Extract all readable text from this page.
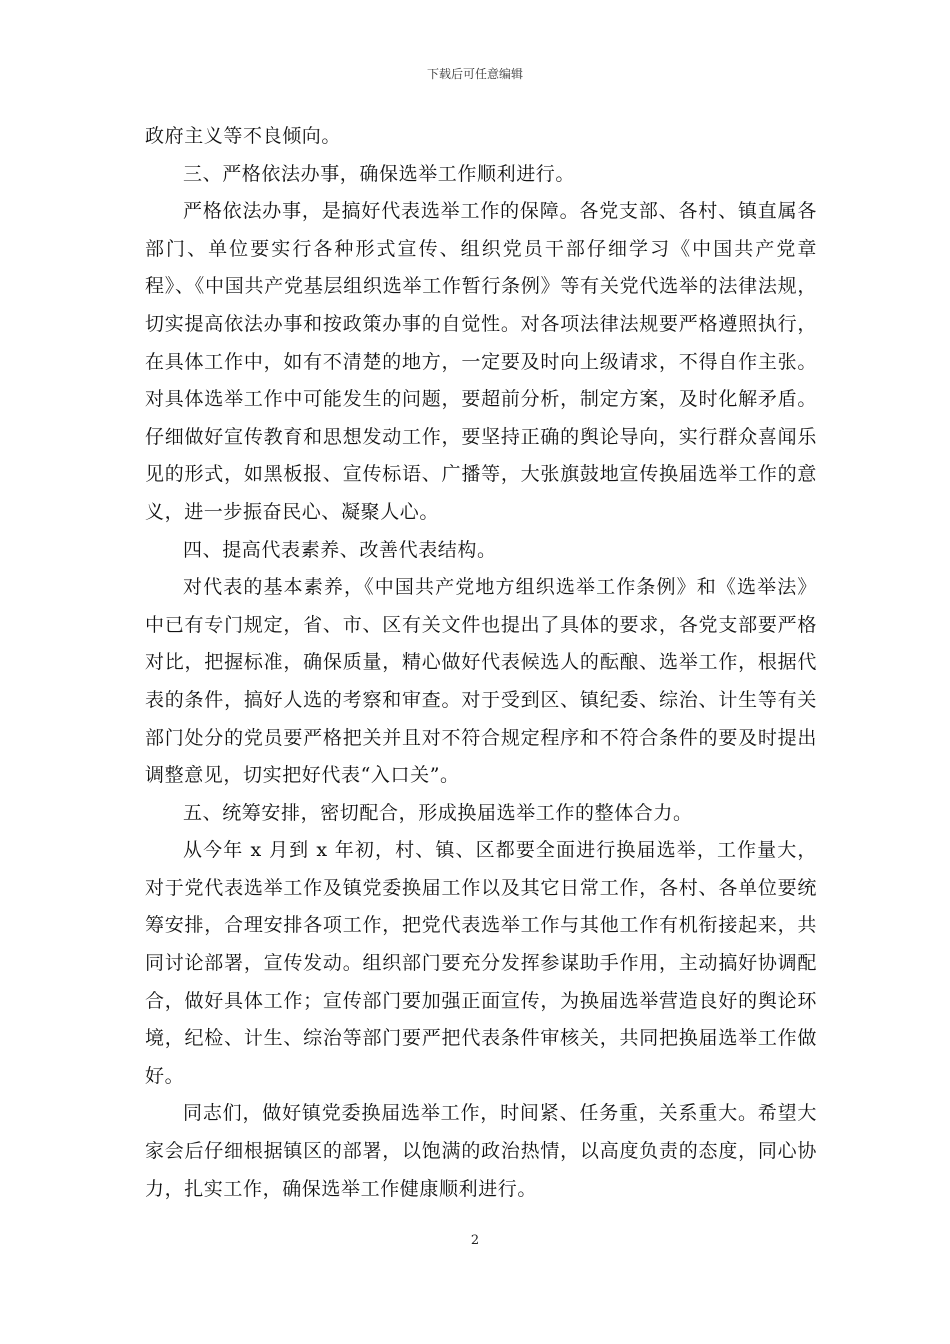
下载后可任意编辑

政府主义等不良倾向。

三、严格依法办事，确保选举工作顺利进行。

严格依法办事，是搞好代表选举工作的保障。各党支部、各村、镇直属各部门、单位要实行各种形式宣传、组织党员干部仔细学习《中国共产党章程》、《中国共产党基层组织选举工作暂行条例》等有关党代选举的法律法规，切实提高依法办事和按政策办事的自觉性。对各项法律法规要严格遵照执行，在具体工作中，如有不清楚的地方，一定要及时向上级请求，不得自作主张。对具体选举工作中可能发生的问题，要超前分析，制定方案，及时化解矛盾。仔细做好宣传教育和思想发动工作，要坚持正确的舆论导向，实行群众喜闻乐见的形式，如黑板报、宣传标语、广播等，大张旗鼓地宣传换届选举工作的意义，进一步振奋民心、凝聚人心。

四、提高代表素养、改善代表结构。

对代表的基本素养，《中国共产党地方组织选举工作条例》和《选举法》中已有专门规定，省、市、区有关文件也提出了具体的要求，各党支部要严格对比，把握标准，确保质量，精心做好代表候选人的酝酿、选举工作，根据代表的条件，搞好人选的考察和审查。对于受到区、镇纪委、综治、计生等有关部门处分的党员要严格把关并且对不符合规定程序和不符合条件的要及时提出调整意见，切实把好代表“入口关”。

五、统筹安排，密切配合，形成换届选举工作的整体合力。

从今年 x 月到 x 年初，村、镇、区都要全面进行换届选举，工作量大，对于党代表选举工作及镇党委换届工作以及其它日常工作，各村、各单位要统筹安排，合理安排各项工作，把党代表选举工作与其他工作有机衔接起来，共同讨论部署，宣传发动。组织部门要充分发挥参谋助手作用，主动搞好协调配合，做好具体工作；宣传部门要加强正面宣传，为换届选举营造良好的舆论环境，纪检、计生、综治等部门要严把代表条件审核关，共同把换届选举工作做好。

同志们，做好镇党委换届选举工作，时间紧、任务重，关系重大。希望大家会后仔细根据镇区的部署，以饱满的政治热情，以高度负责的态度，同心协力，扎实工作，确保选举工作健康顺利进行。

2
